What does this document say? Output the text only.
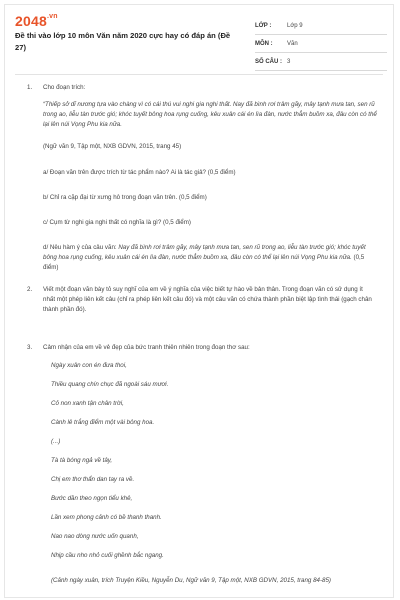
$2048^{.vn}$
Đề thi vào lớp 10 môn Văn năm 2020 cực hay có đáp án (Đề 27)
LỚP :	Lớp 9
MÔN :	Văn
SỐ CÂU : 3
1.	Cho đoạn trích:
“Thiếp sở dĩ nương tựa vào chàng vì có cái thú vui nghi gia nghi thất. Nay đã bình rơi trâm gãy, mây tạnh mưa tan, sen rũ trong ao, liễu tàn trước gió; khóc tuyết bông hoa rụng cuống, kêu xuân cái én lìa đàn, nước thẳm buồm xa, đâu còn có thể lại lên núi Vọng Phu kia nữa.
(Ngữ văn 9, Tập một, NXB GDVN, 2015, trang 45)
a/ Đoạn văn trên được trích từ tác phẩm nào? Ai là tác giả? (0,5 điểm)
b/ Chỉ ra cặp đại từ xưng hô trong đoạn văn trên. (0,5 điểm)
c/ Cụm từ nghi gia nghi thất có nghĩa là gì? (0,5 điểm)
d/ Nêu hàm ý của câu văn: Nay đã bình rơi trâm gãy, mây tạnh mưa tan, sen rũ trong ao, liễu tàn trước gió; khóc tuyết bông hoa rụng cuống, kêu xuân cái én lìa đàn, nước thẳm buồm xa, đâu còn có thể lại lên núi Vọng Phu kia nữa. (0,5 điểm)
2.	Viết một đoạn văn bày tỏ suy nghĩ của em về ý nghĩa của việc biết tự hào về bản thân. Trong đoạn văn có sử dụng ít nhất một phép liên kết câu (chỉ ra phép liên kết câu đó) và một câu văn có chứa thành phần biệt lập tình thái (gạch chân thành phần đó).
3.	Cảm nhận của em về vẻ đẹp của bức tranh thiên nhiên trong đoạn thơ sau:
Ngày xuân con én đưa thoi,
Thiều quang chín chục đã ngoài sáu mươi.
Cỏ non xanh tận chân trời,
Cành lê trắng điểm một vài bông hoa.
(...)
Tà tà bóng ngả về tây,
Chị em thơ thẩn dan tay ra về.
Bước dần theo ngọn tiểu khê,
Lần xem phong cảnh có bề thanh thanh.
Nao nao dòng nước uốn quanh,
Nhịp cầu nho nhỏ cuối ghềnh bắc ngang.
(Cảnh ngày xuân, trích Truyện Kiều, Nguyễn Du, Ngữ văn 9, Tập một, NXB GDVN, 2015, trang 84-85)
